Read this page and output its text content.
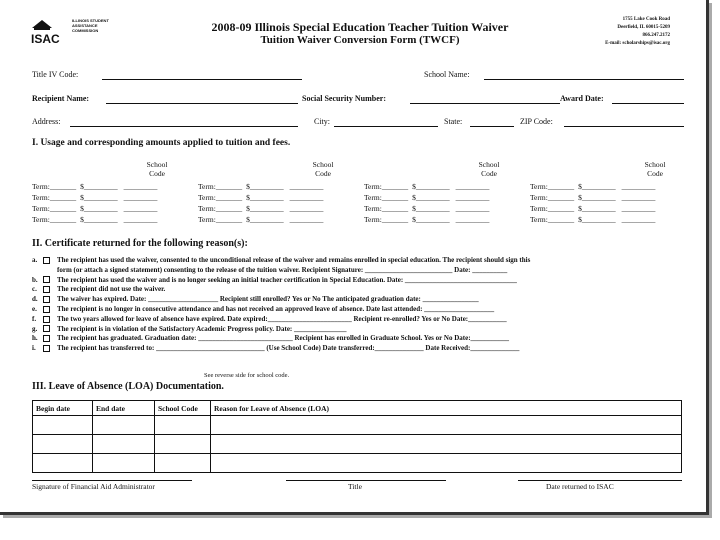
ISAC
ILLINOIS STUDENT ASSISTANCE COMMISSION	2008-09 Illinois Special Education Teacher Tuition Waiver
Tuition Waiver Conversion Form (TWCF)
1755 Lake Cook Road
Deerfield, IL 60015-5209
866.247.2172
E-mail: scholarships@isac.org
Title IV Code:	School Name:
Recipient Name:	Social Security Number:	Award Date:
Address:	City:	State:	ZIP Code:
I. Usage and corresponding amounts applied to tuition and fees.
School Code
Term:_______ $_________ _________
Term:_______ $_________ _________
Term:_______ $_________ _________
Term:_______ $_________ _________
School Code
Term:_______ $_________ _________
Term:_______ $_________ _________
Term:_______ $_________ _________
Term:_______ $_________ _________
School Code
Term:_______ $_________ _________
Term:_______ $_________ _________
Term:_______ $_________ _________
Term:_______ $_________ _________
School Code
Term:_______ $_________ _________
Term:_______ $_________ _________
Term:_______ $_________ _________
Term:_______ $_________ _________
II. Certificate returned for the following reason(s):
a.	The recipient has used the waiver, consented to the unconditional release of the waiver and remains enrolled in special education. The recipient should sign this
form (or attach a signed statement) consenting to the release of the tuition waiver. Recipient Signature: _________________________ Date: __________
b.	The recipient has used the waiver and is no longer seeking an initial teacher certification in Special Education. Date: ________________________________
c.	The recipient did not use the waiver.
d.	The waiver has expired. Date: ____________________ Recipient still enrolled? Yes or No The anticipated graduation date: ________________
e.	The recipient is no longer in consecutive attendance and has not received an approved leave of absence. Date last attended: ____________________
f.	The two years allowed for leave of absence have expired. Date expired:________________________ Recipient re-enrolled? Yes or No Date:___________
g.	The recipient is in violation of the Satisfactory Academic Progress policy. Date: _______________
h.	The recipient has graduated. Graduation date: ___________________________ Recipient has enrolled in Graduate School. Yes or No Date:___________
i.	The recipient has transferred to: _______________________________ (Use School Code) Date transferred:______________ Date Received:______________
See reverse side for school code.
III. Leave of Absence (LOA) Documentation.
Begin date	End date	School Code	Reason for Leave of Absence (LOA)

Signature of Financial Aid Administrator	Title	Date returned to ISAC
